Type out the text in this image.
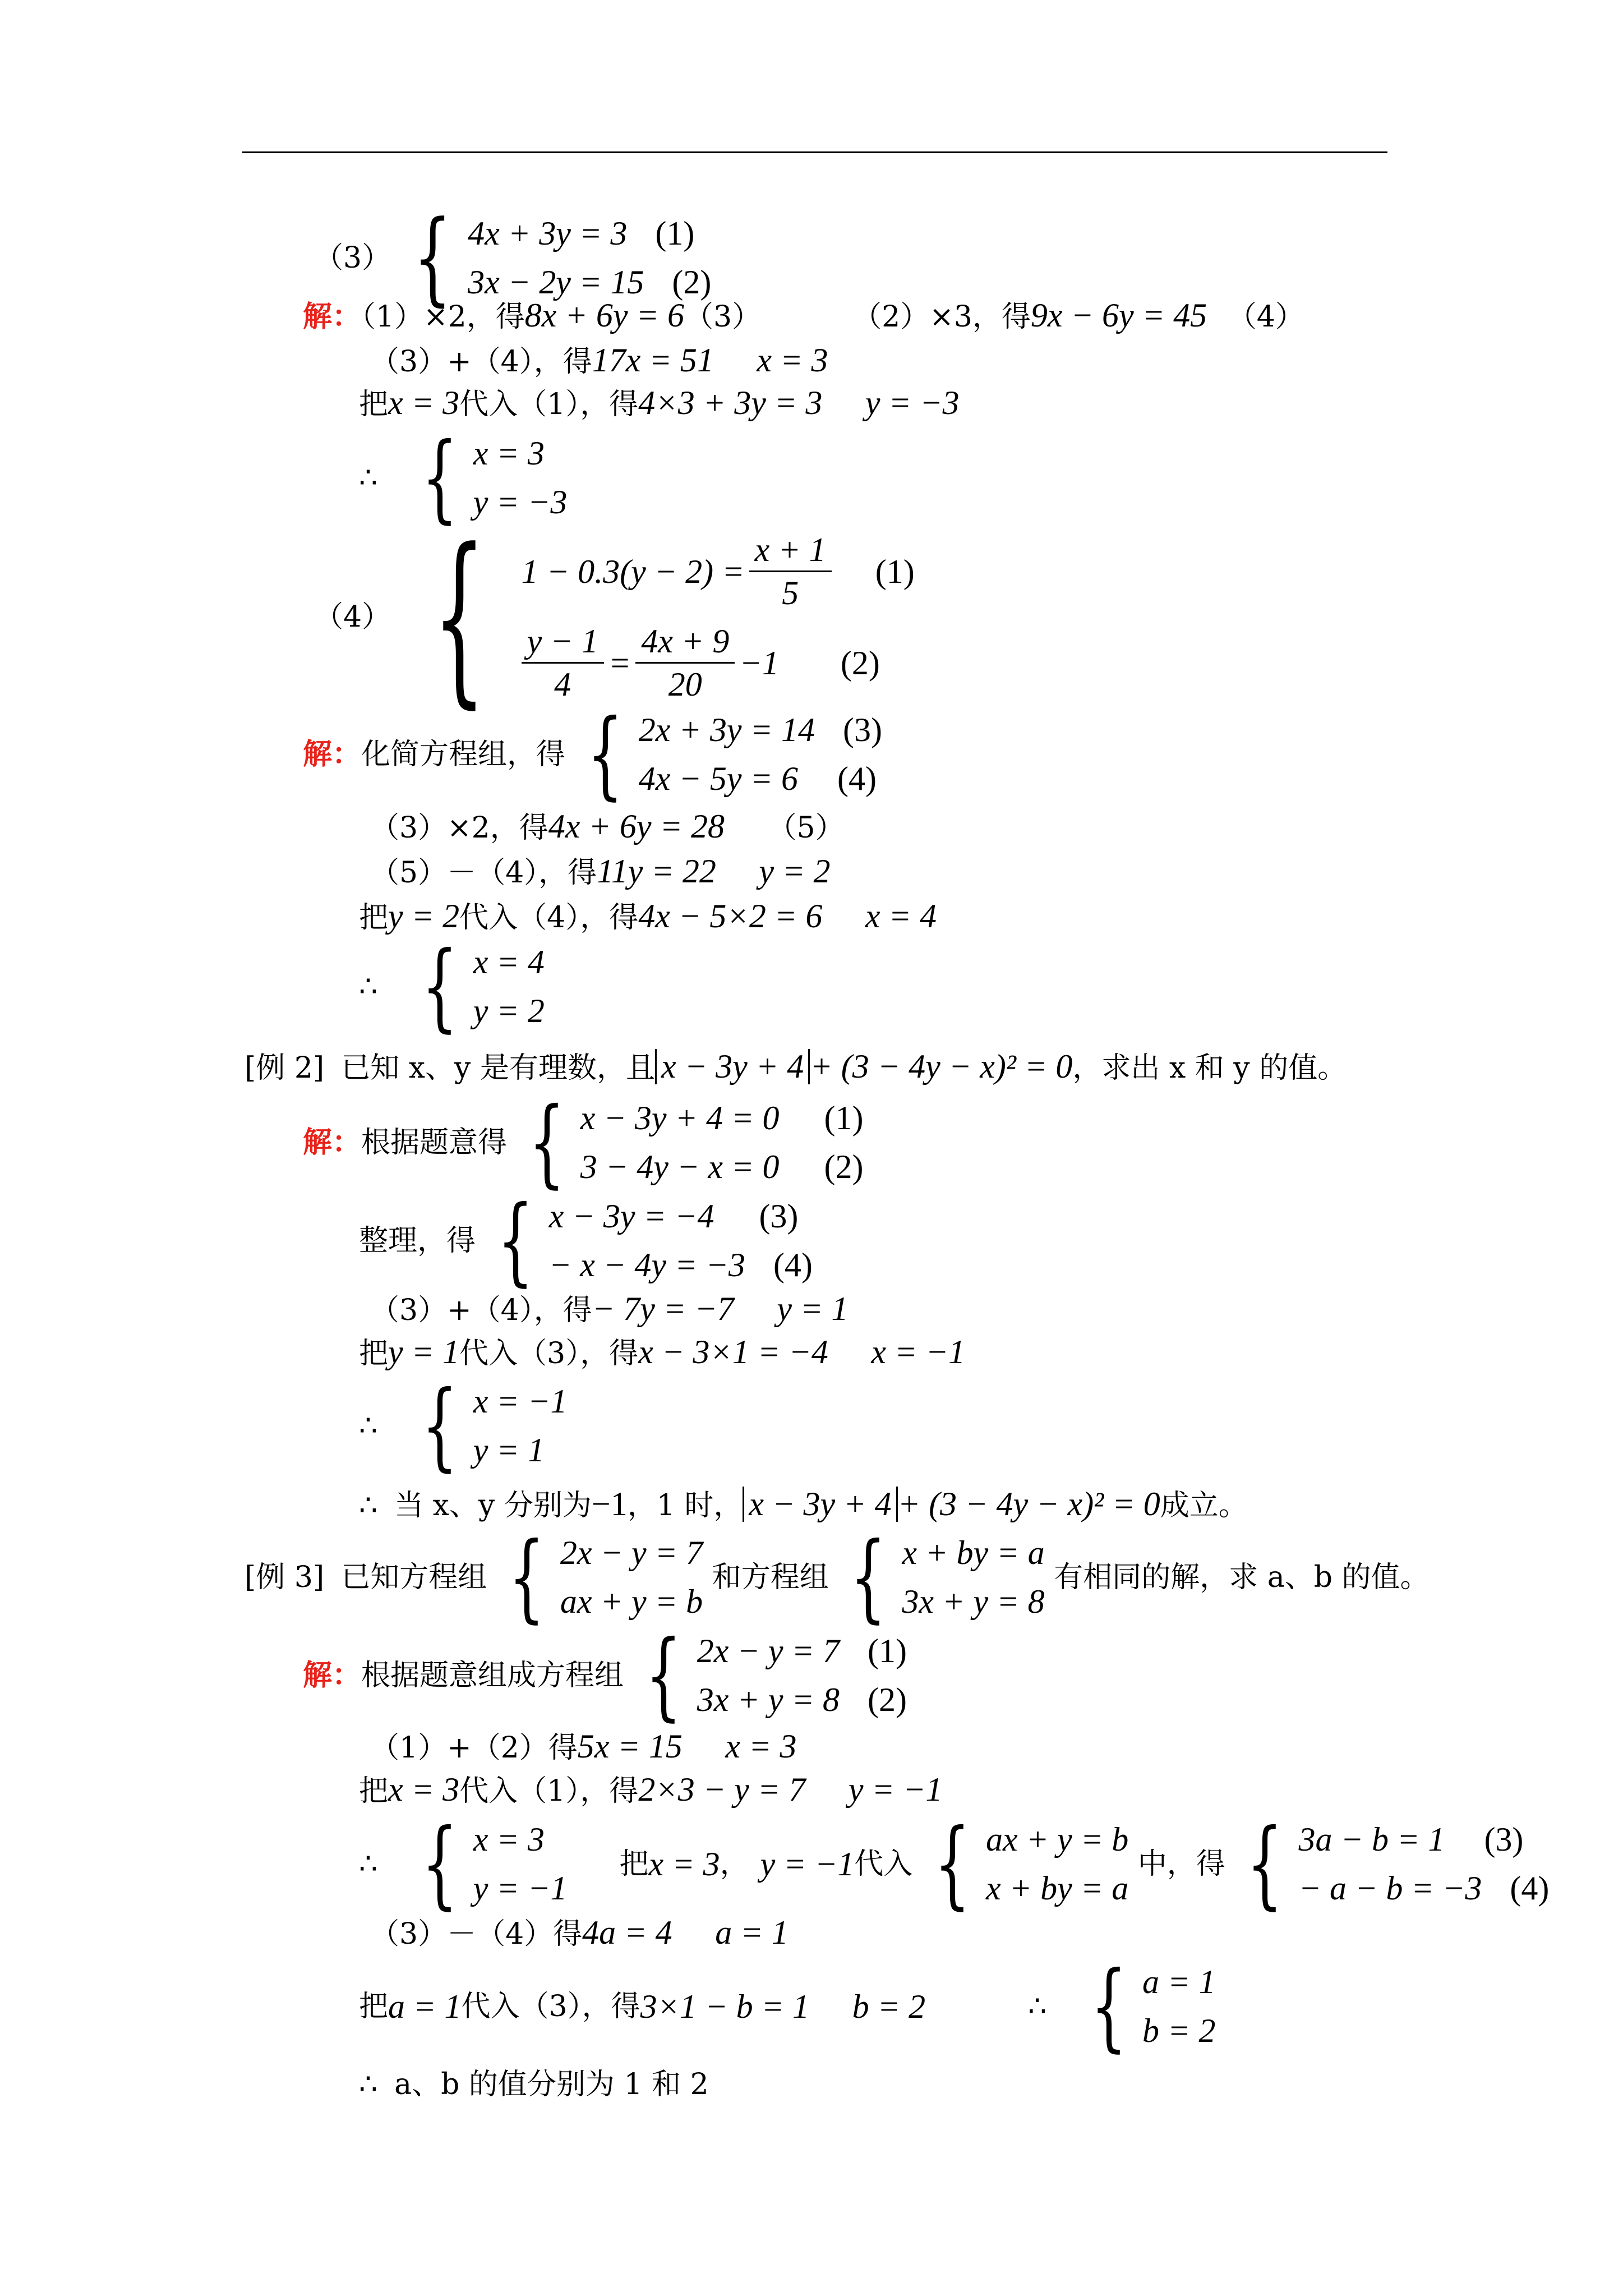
（3） { 4x + 3y = 3 (1)
3x − 2y = 15 (2)
解：（1）×2，得8x + 6y = 6（3）	（2）×3，得9x − 6y = 45 （4）
（3）+（4），得17x = 51 x = 3
把x = 3代入（1），得4×3 + 3y = 3 y = −3
∴ { x = 3
y = −3
（4） { $1 - 0.3(y - 2) = \frac{x + 1}{5} (1)$
$\frac{y - 1}{4} = \frac{4x + 9}{20} -1$ (2)
解：化简方程组，得 { 2x + 3y = 14 (3)
4x − 5y = 6 (4)
（3）×2，得4x + 6y = 28 （5）
（5）－（4），得11y = 22 y = 2
把y = 2代入（4），得4x − 5×2 = 6 x = 4
∴ { x = 4
y = 2
[例 2] 已知 x、y 是有理数，且 x − 3y + 4 + (3 − 4y − x)² = 0，求出 x 和 y 的值。
解：根据题意得 { x − 3y + 4 = 0 (1)
3 − 4y − x = 0 (2)
整理，得 { x − 3y = −4 (3)
− x − 4y = −3 (4)
（3）+（4），得− 7y = −7 y = 1
把y = 1代入（3），得x − 3×1 = −4 x = −1
∴ { x = −1
y = 1
∴ 当 x、y 分别为−1，1 时， x − 3y + 4 + (3 − 4y − x)² = 0成立。
[例 3] 已知方程组 { 2x − y = 7
ax + y = b
和方程组 { x + by = a
3x + y = 8
有相同的解，求 a、b 的值。
解：根据题意组成方程组 { 2x − y = 7 (1)
3x + y = 8 (2)
（1）+（2）得5x = 15 x = 3
把x = 3代入（1），得2×3 − y = 7 y = −1
∴ { x = 3
y = −1
把x = 3， y = −1代入 { ax + y = b
x + by = a
中，得 { 3a − b = 1 (3)
− a − b = −3 (4)
（3）－（4）得4a = 4 a = 1
把a = 1代入（3），得3×1 − b = 1 b = 2	∴ { a = 1
b = 2
∴ a、b 的值分别为 1 和 2
